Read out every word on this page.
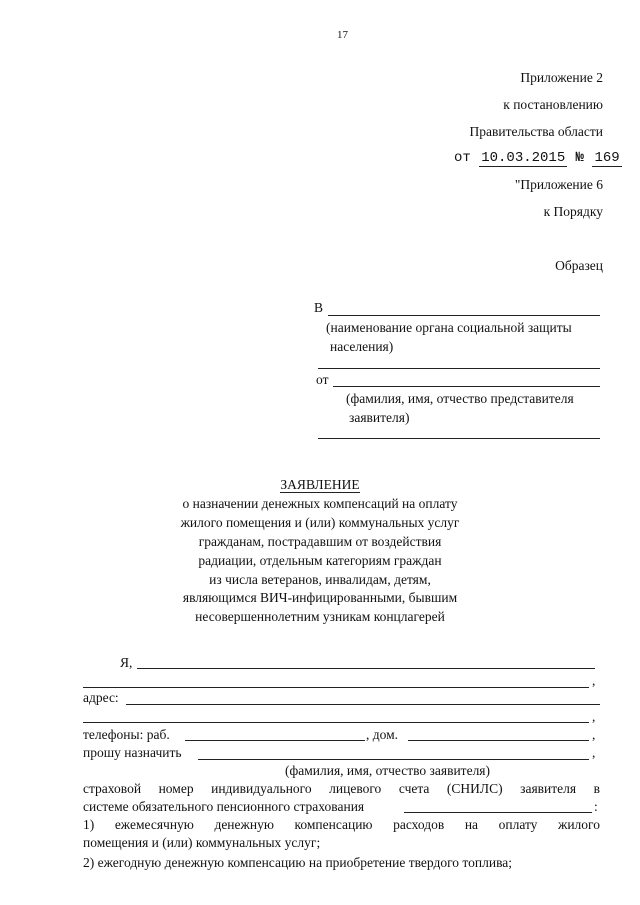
17
Приложение 2
к постановлению
Правительства области
от 10.03.2015 № 169
"Приложение 6
к Порядку
Образец
В
(наименование органа социальной защиты
населения)
от
(фамилия, имя, отчество представителя
заявителя)
ЗАЯВЛЕНИЕ
о назначении денежных компенсаций на оплату
жилого помещения и (или) коммунальных услуг
гражданам, пострадавшим от воздействия
радиации, отдельным категориям граждан
из числа ветеранов, инвалидам, детям,
являющимся ВИЧ-инфицированными, бывшим
несовершеннолетним узникам концлагерей
Я,
,
адрес:
,
телефоны: раб.	, дом.	,
прошу назначить	,
(фамилия, имя, отчество заявителя)
страховой номер индивидуального лицевого счета (СНИЛС) заявителя в
системе обязательного пенсионного страхования	:
1) ежемесячную денежную компенсацию расходов на оплату жилого
помещения и (или) коммунальных услуг;
2) ежегодную денежную компенсацию на приобретение твердого топлива;
